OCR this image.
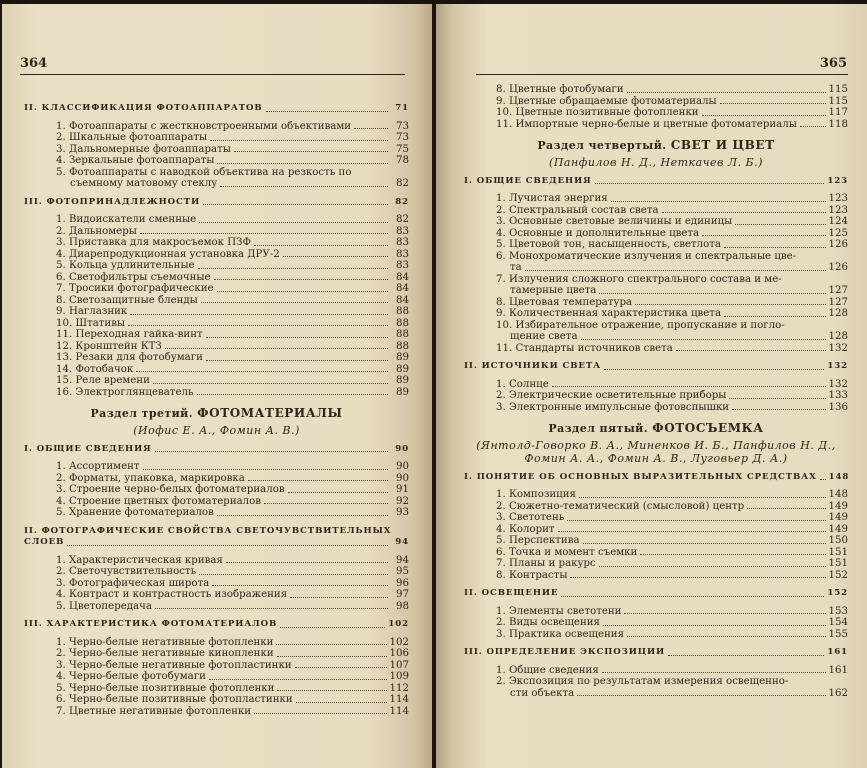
364
II. КЛАССИФИКАЦИЯ ФОТОАППАРАТОВ	71
1. Фотоаппараты с жесткновстроенными объективами	73
2. Шкальные фотоаппараты	73
3. Дальномерные фотоаппараты	75
4. Зеркальные фотоаппараты	78
5. Фотоаппараты с наводкой объектива на резкость по
съемному матовому стеклу	82
III. ФОТОПРИНАДЛЕЖНОСТИ	82
1. Видоискатели сменные	82
2. Дальномеры	83
3. Приставка для макросъемок ПЗФ	83
4. Диарепродукционная установка ДРУ-2	83
5. Кольца удлинительные	83
6. Светофильтры съемочные	84
7. Тросики фотографические	84
8. Светозащитные бленды	84
9. Наглазник	88
10. Штативы	88
11. Переходная гайка-винт	88
12. Кронштейн КТЗ	88
13. Резаки для фотобумаги	89
14. Фотобачок	89
15. Реле времени	89
16. Электроглянцеватель	89
Раздел третий. ФОТОМАТЕРИАЛЫ
(Иофис Е. А., Фомин А. В.)
I. ОБЩИЕ СВЕДЕНИЯ	90
1. Ассортимент	90
2. Форматы, упаковка, маркировка	90
3. Строение черно-белых фотоматериалов	91
4. Строение цветных фотоматериалов	92
5. Хранение фотоматериалов	93
II. ФОТОГРАФИЧЕСКИЕ СВОЙСТВА СВЕТОЧУВСТВИТЕЛЬНЫХ
СЛОЕВ	94
1. Характеристическая кривая	94
2. Светочувствительность	95
3. Фотографическая широта	96
4. Контраст и контрастность изображения	97
5. Цветопередача	98
III. ХАРАКТЕРИСТИКА ФОТОМАТЕРИАЛОВ	102
1. Черно-белые негативные фотопленки	102
2. Черно-белые негативные кинопленки	106
3. Черно-белые негативные фотопластинки	107
4. Черно-белые фотобумаги	109
5. Черно-белые позитивные фотопленки	112
6. Черно-белые позитивные фотопластинки	114
7. Цветные негативные фотопленки	114
365
8. Цветные фотобумаги	115
9. Цветные обращаемые фотоматериалы	115
10. Цветные позитивные фотопленки	117
11. Импортные черно-белые и цветные фотоматериалы	118
Раздел четвертый. СВЕТ И ЦВЕТ
(Панфилов Н. Д., Неткачев Л. Б.)
I. ОБЩИЕ СВЕДЕНИЯ	123
1. Лучистая энергия	123
2. Спектральный состав света	123
3. Основные световые величины и единицы	124
4. Основные и дополнительные цвета	125
5. Цветовой тон, насыщенность, светлота	126
6. Монохроматические излучения и спектральные цве-
та	126
7. Излучения сложного спектрального состава и ме-
тамерные цвета	127
8. Цветовая температура	127
9. Количественная характеристика цвета	128
10. Избирательное отражение, пропускание и погло-
щение света	128
11. Стандарты источников света	132
II. ИСТОЧНИКИ СВЕТА	132
1. Солнце	132
2. Электрические осветительные приборы	133
3. Электронные импульсные фотовспышки	136
Раздел пятый. ФОТОСЪЕМКА
(Янтолд-Говорко В. А., Миненков И. Б., Панфилов Н. Д.,
Фомин А. А., Фомин А. В., Луговьер Д. А.)
I. ПОНЯТИЕ ОБ ОСНОВНЫХ ВЫРАЗИТЕЛЬНЫХ СРЕДСТВАХ 148
1. Композиция	148
2. Сюжетно-тематический (смысловой) центр	149
3. Светотень	149
4. Колорит	149
5. Перспектива	150
6. Точка и момент съемки	151
7. Планы и ракурс	151
8. Контрасты	152
II. ОСВЕЩЕНИЕ	152
1. Элементы светотени	153
2. Виды освещения	154
3. Практика освещения	155
III. ОПРЕДЕЛЕНИЕ ЭКСПОЗИЦИИ	161
1. Общие сведения	161
2. Экспозиция по результатам измерения освещенно-
сти объекта	162
